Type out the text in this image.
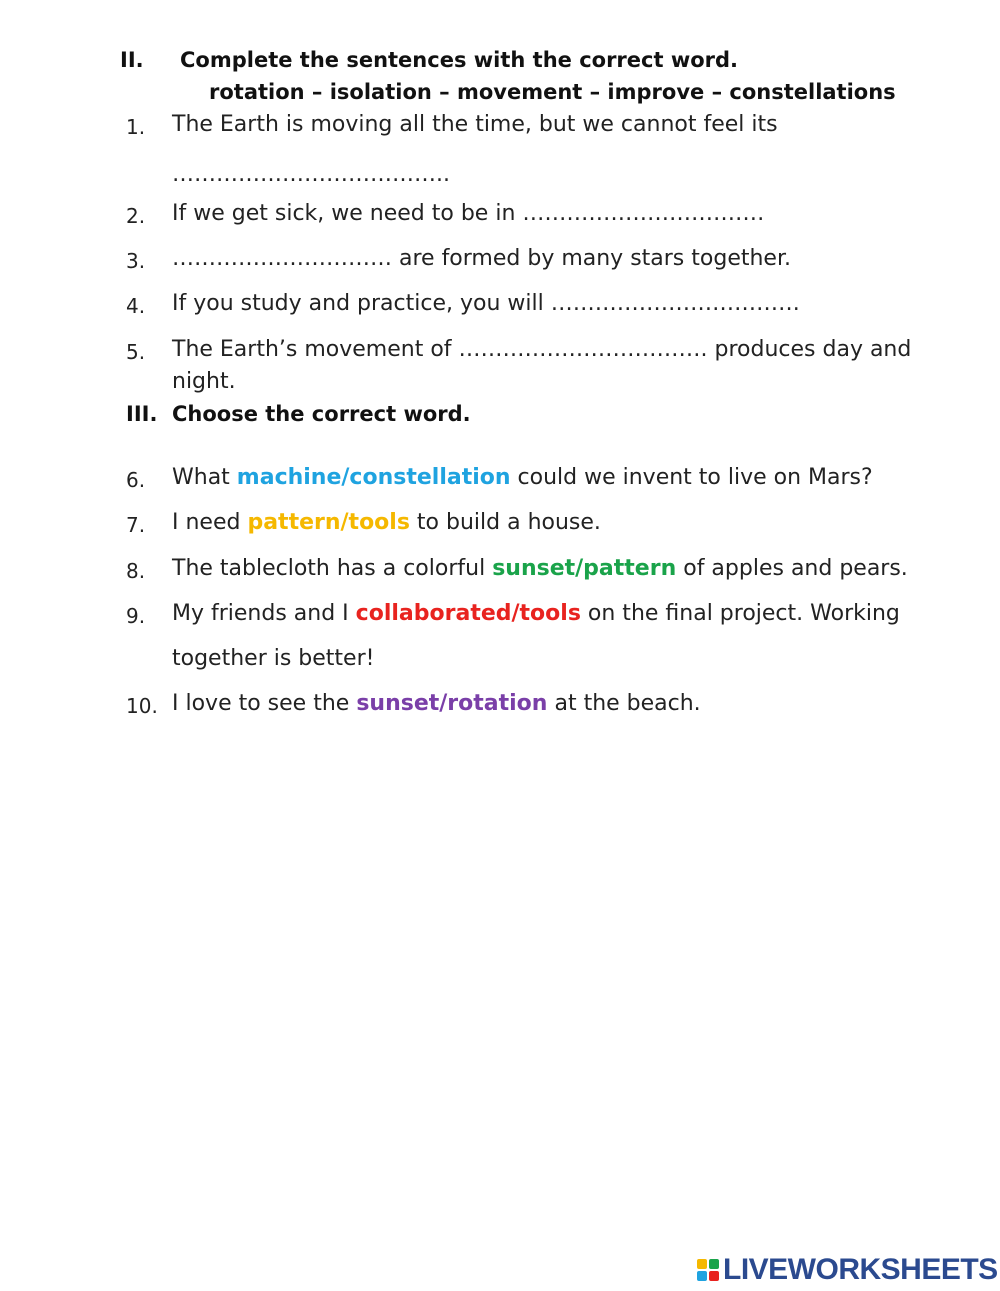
II. Complete the sentences with the correct word.
rotation – isolation – movement – improve – constellations
1. The Earth is moving all the time, but we cannot feel its
………………………………..
2. If we get sick, we need to be in ……………………………
3. ………………………… are formed by many stars together.
4. If you study and practice, you will …………………………….
5. The Earth’s movement of ……………………………. produces day and
night.
III. Choose the correct word.
6. What machine/constellation could we invent to live on Mars?
7. I need pattern/tools to build a house.
8. The tablecloth has a colorful sunset/pattern of apples and pears.
9. My friends and I collaborated/tools on the final project. Working
together is better!
10. I love to see the sunset/rotation at the beach.
LIVEWORKSHEETS
